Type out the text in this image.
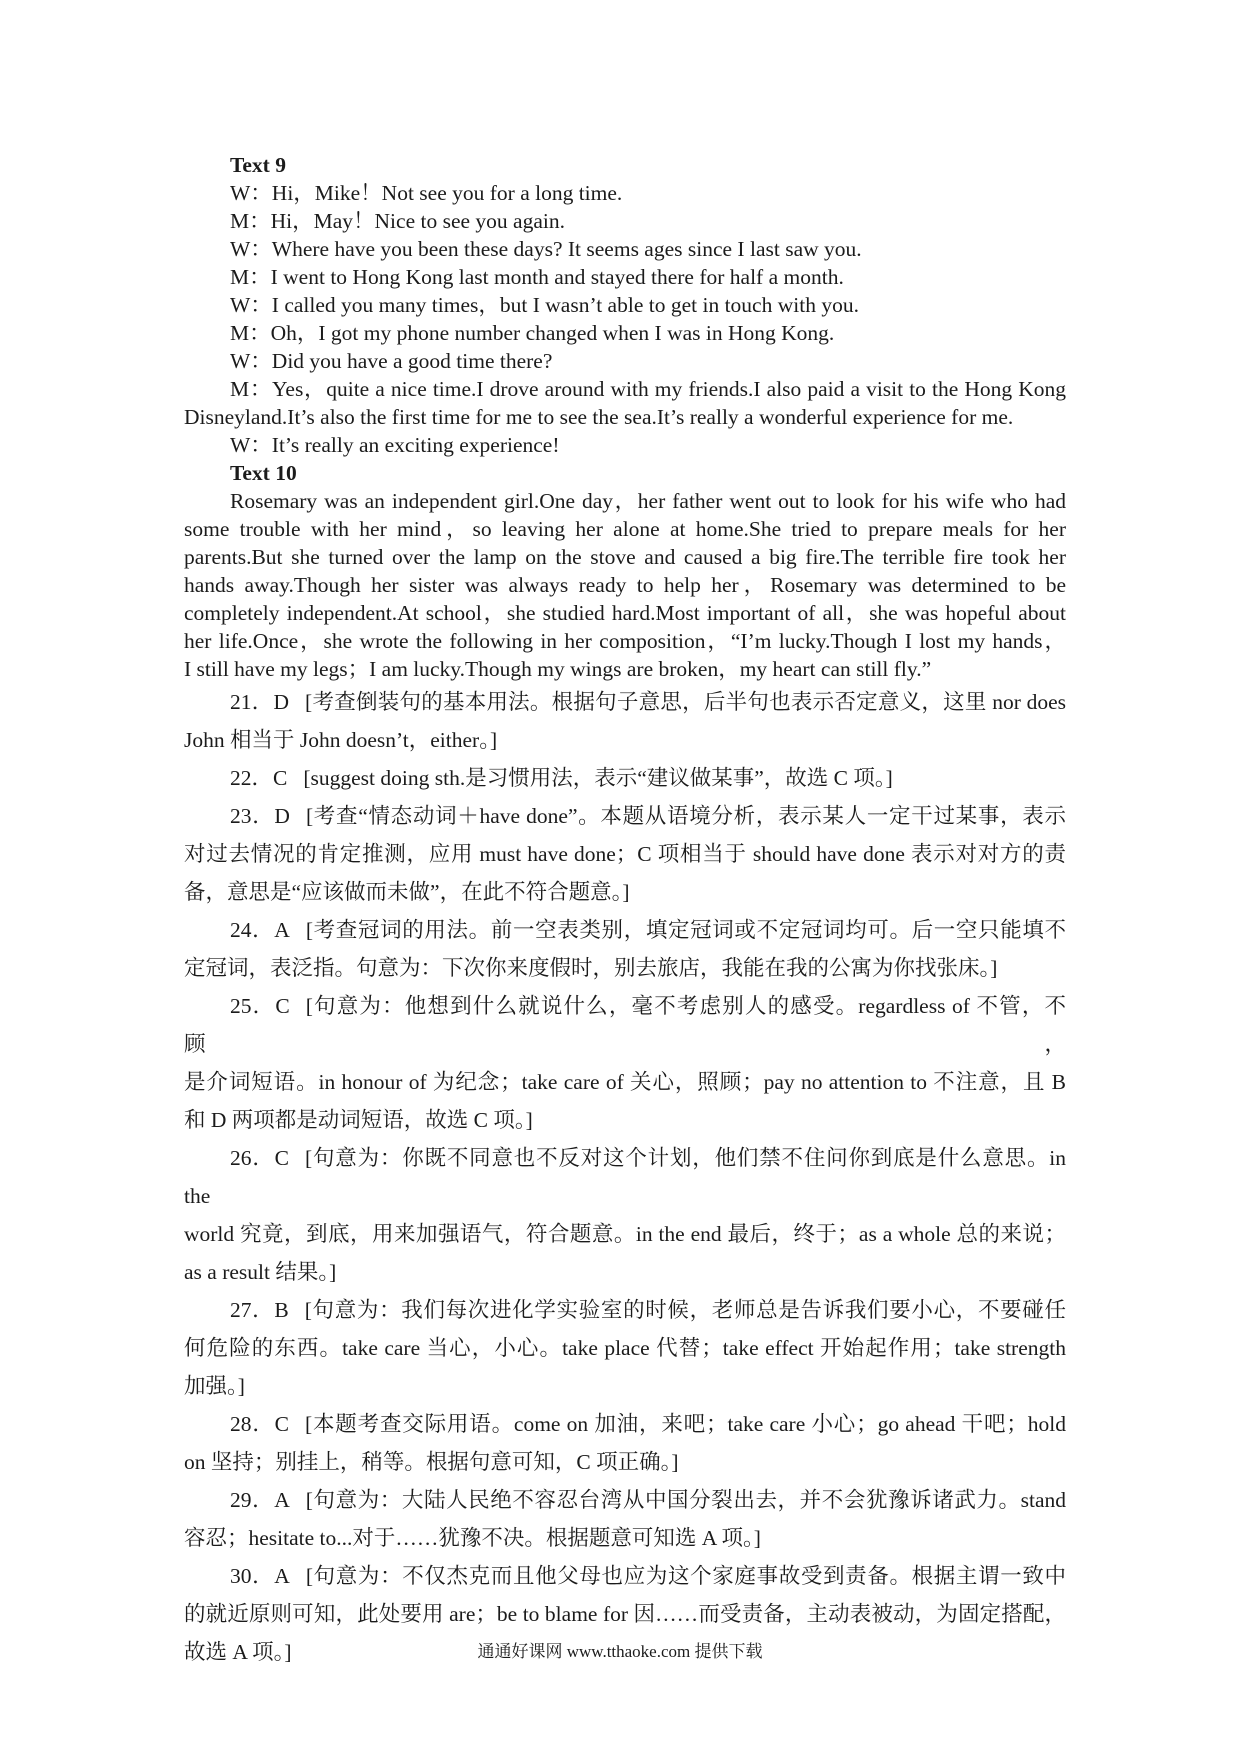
Text 9
W：Hi，Mike！Not see you for a long time.
M：Hi，May！Nice to see you again.
W：Where have you been these days? It seems ages since I last saw you.
M：I went to Hong Kong last month and stayed there for half a month.
W：I called you many times，but I wasn’t able to get in touch with you.
M：Oh，I got my phone number changed when I was in Hong Kong.
W：Did you have a good time there?
M：Yes，quite a nice time.I drove around with my friends.I also paid a visit to the Hong Kong
Disneyland.It’s also the first time for me to see the sea.It’s really a wonderful experience for me.
W：It’s really an exciting experience!
Text 10
Rosemary was an independent girl.One day，her father went out to look for his wife who had
some trouble with her mind，so leaving her alone at home.She tried to prepare meals for her
parents.But she turned over the lamp on the stove and caused a big fire.The terrible fire took her
hands away.Though her sister was always ready to help her，Rosemary was determined to be
completely independent.At school，she studied hard.Most important of all，she was hopeful about
her life.Once，she wrote the following in her composition，“I’m lucky.Though I lost my hands，
I still have my legs；I am lucky.Though my wings are broken，my heart can still fly.”
21．D [考查倒装句的基本用法。根据句子意思，后半句也表示否定意义，这里 nor does
John 相当于 John doesn’t，either。]
22．C [suggest doing sth.是习惯用法，表示“建议做某事”，故选 C 项。]
23．D [考查“情态动词＋have done”。本题从语境分析，表示某人一定干过某事，表示
对过去情况的肯定推测，应用 must have done；C 项相当于 should have done 表示对对方的责
备，意思是“应该做而未做”，在此不符合题意。]
24．A [考查冠词的用法。前一空表类别，填定冠词或不定冠词均可。后一空只能填不
定冠词，表泛指。句意为：下次你来度假时，别去旅店，我能在我的公寓为你找张床。]
25．C [句意为：他想到什么就说什么，毫不考虑别人的感受。regardless of 不管，不顾，
是介词短语。in honour of 为纪念；take care of 关心，照顾；pay no attention to 不注意，且 B
和 D 两项都是动词短语，故选 C 项。]
26．C [句意为：你既不同意也不反对这个计划，他们禁不住问你到底是什么意思。in the
world 究竟，到底，用来加强语气，符合题意。in the end 最后，终于；as a whole 总的来说；
as a result 结果。]
27．B [句意为：我们每次进化学实验室的时候，老师总是告诉我们要小心，不要碰任
何危险的东西。take care 当心，小心。take place 代替；take effect 开始起作用；take strength
加强。]
28．C [本题考查交际用语。come on 加油，来吧；take care 小心；go ahead 干吧；hold
on 坚持；别挂上，稍等。根据句意可知，C 项正确。]
29．A [句意为：大陆人民绝不容忍台湾从中国分裂出去，并不会犹豫诉诸武力。stand
容忍；hesitate to...对于……犹豫不决。根据题意可知选 A 项。]
30．A [句意为：不仅杰克而且他父母也应为这个家庭事故受到责备。根据主谓一致中
的就近原则可知，此处要用 are；be to blame for 因……而受责备，主动表被动，为固定搭配，
故选 A 项。]	通通好课网 www.tthaoke.com 提供下载
